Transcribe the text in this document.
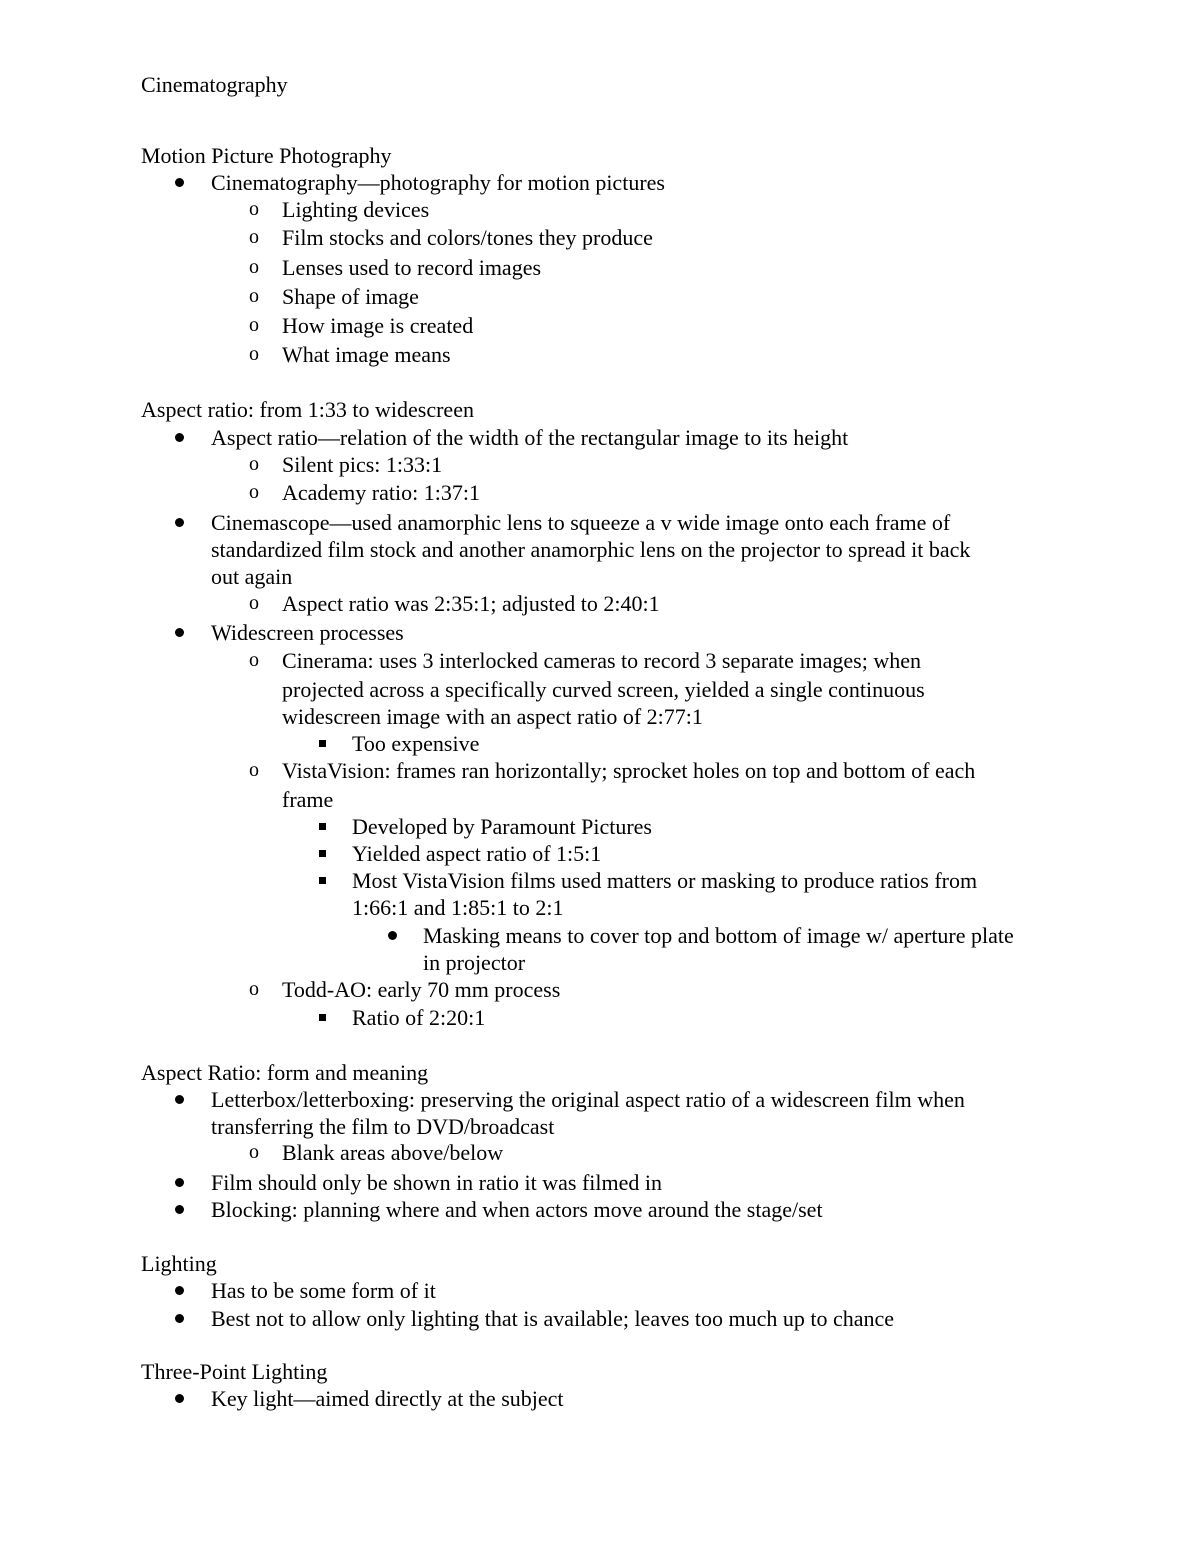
Cinematography
Motion Picture Photography
Cinematography—photography for motion pictures
o Lighting devices
o Film stocks and colors/tones they produce
o Lenses used to record images
o Shape of image
o How image is created
o What image means
Aspect ratio: from 1:33 to widescreen
Aspect ratio—relation of the width of the rectangular image to its height
o Silent pics: 1:33:1
o Academy ratio: 1:37:1
Cinemascope—used anamorphic lens to squeeze a v wide image onto each frame of
standardized film stock and another anamorphic lens on the projector to spread it back
out again
o Aspect ratio was 2:35:1; adjusted to 2:40:1
Widescreen processes
o Cinerama: uses 3 interlocked cameras to record 3 separate images; when
projected across a specifically curved screen, yielded a single continuous
widescreen image with an aspect ratio of 2:77:1
Too expensive
o VistaVision: frames ran horizontally; sprocket holes on top and bottom of each
frame
Developed by Paramount Pictures
Yielded aspect ratio of 1:5:1
Most VistaVision films used matters or masking to produce ratios from
1:66:1 and 1:85:1 to 2:1
Masking means to cover top and bottom of image w/ aperture plate
in projector
o Todd-AO: early 70 mm process
Ratio of 2:20:1
Aspect Ratio: form and meaning
Letterbox/letterboxing: preserving the original aspect ratio of a widescreen film when
transferring the film to DVD/broadcast
o Blank areas above/below
Film should only be shown in ratio it was filmed in
Blocking: planning where and when actors move around the stage/set
Lighting
Has to be some form of it
Best not to allow only lighting that is available; leaves too much up to chance
Three-Point Lighting
Key light—aimed directly at the subject
